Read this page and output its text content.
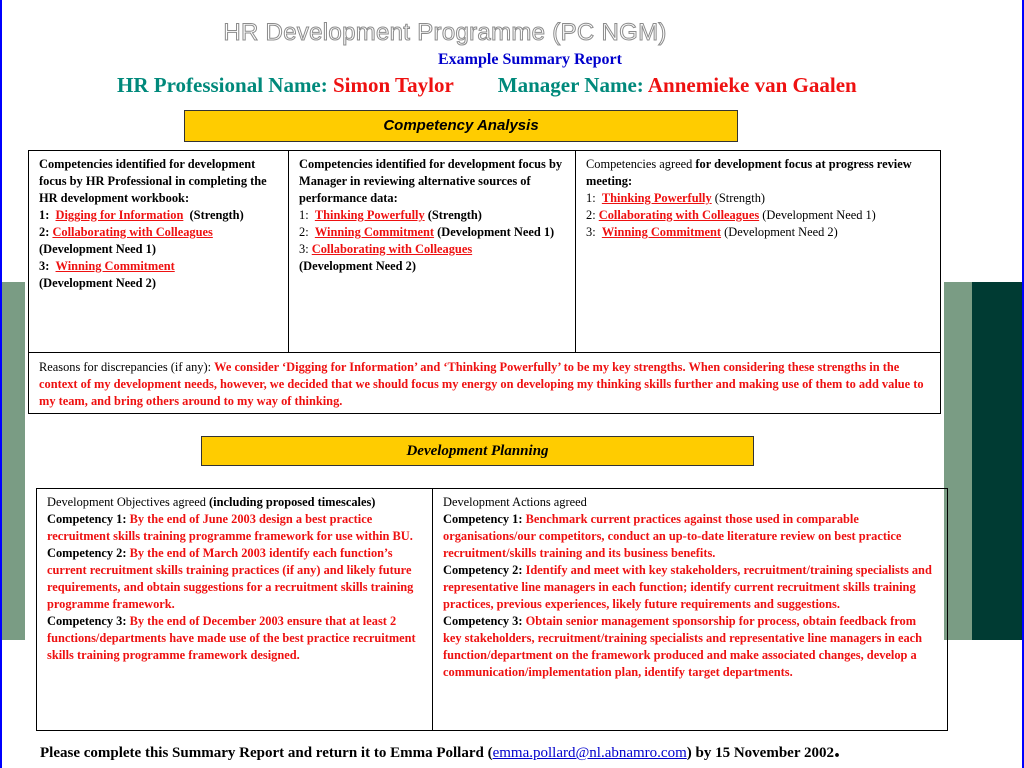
HR Development Programme (PC NGM)
Example Summary Report
HR Professional Name: Simon Taylor Manager Name: Annemieke van Gaalen
Competency Analysis
Competencies identified for development focus by HR Professional in completing the HR development workbook:
1: Digging for Information (Strength)
2: Collaborating with Colleagues
(Development Need 1)
3: Winning Commitment
(Development Need 2)
Competencies identified for development focus by Manager in reviewing alternative sources of performance data:
1: Thinking Powerfully (Strength)
2: Winning Commitment (Development Need 1)
3: Collaborating with Colleagues
(Development Need 2)
Competencies agreed for development focus at progress review meeting:
1: Thinking Powerfully (Strength)
2: Collaborating with Colleagues (Development Need 1)
3: Winning Commitment (Development Need 2)
Reasons for discrepancies (if any): We consider ‘Digging for Information’ and ‘Thinking Powerfully’ to be my key strengths. When considering these strengths in the context of my development needs, however, we decided that we should focus my energy on developing my thinking skills further and making use of them to add value to my team, and bring others around to my way of thinking.
Development Planning
Development Objectives agreed (including proposed timescales)
Competency 1: By the end of June 2003 design a best practice recruitment skills training programme framework for use within BU.
Competency 2: By the end of March 2003 identify each function’s current recruitment skills training practices (if any) and likely future requirements, and obtain suggestions for a recruitment skills training programme framework.
Competency 3: By the end of December 2003 ensure that at least 2 functions/departments have made use of the best practice recruitment skills training programme framework designed.
Development Actions agreed
Competency 1: Benchmark current practices against those used in comparable organisations/our competitors, conduct an up-to-date literature review on best practice recruitment/skills training and its business benefits.
Competency 2: Identify and meet with key stakeholders, recruitment/training specialists and representative line managers in each function; identify current recruitment skills training practices, previous experiences, likely future requirements and suggestions.
Competency 3: Obtain senior management sponsorship for process, obtain feedback from key stakeholders, recruitment/training specialists and representative line managers in each function/department on the framework produced and make associated changes, develop a communication/implementation plan, identify target departments.
Please complete this Summary Report and return it to Emma Pollard (emma.pollard@nl.abnamro.com) by 15 November 2002.
